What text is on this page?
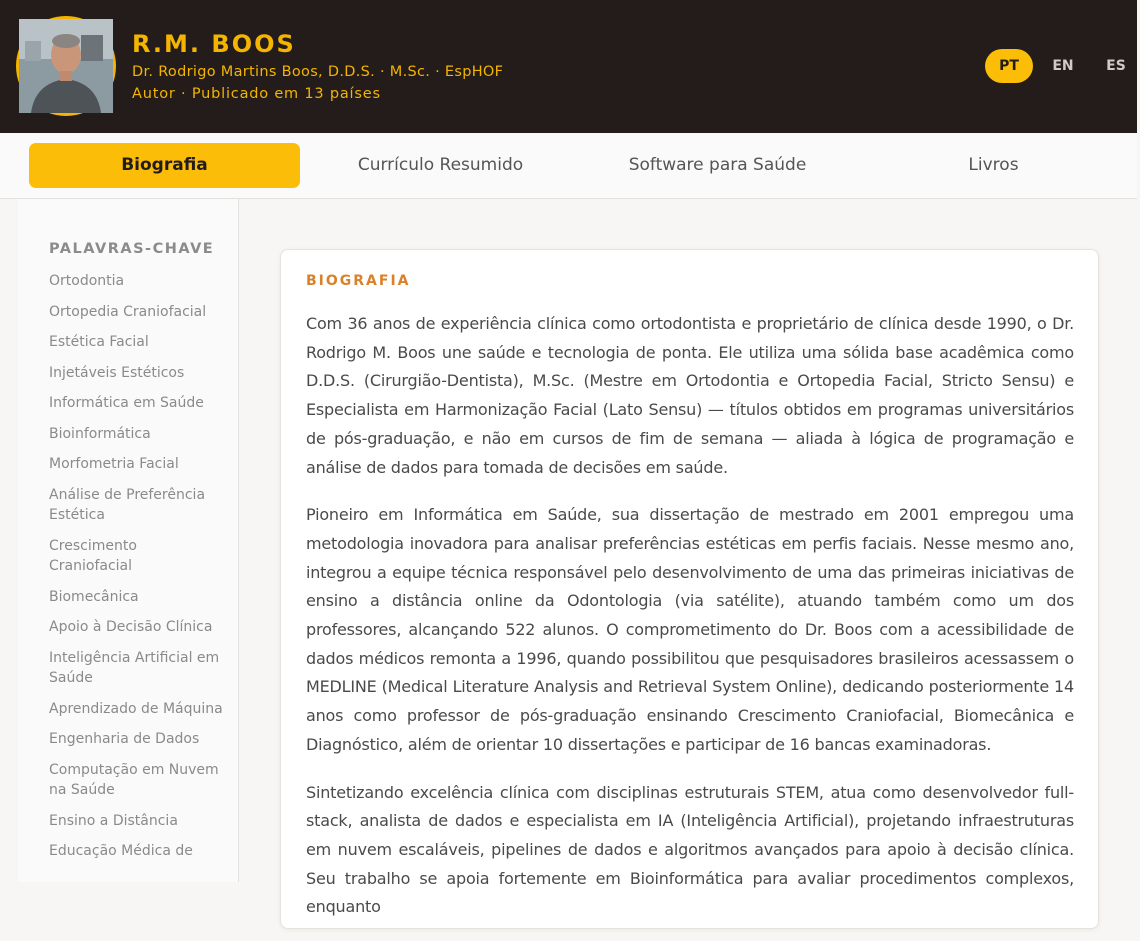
R.M. BOOS
Dr. Rodrigo Martins Boos, D.D.S. · M.Sc. · EspHOF
Autor · Publicado em 13 países
PT	EN	ES
Biografia	Currículo Resumido	Software para Saúde	Livros
PALAVRAS-CHAVE
Ortodontia
Ortopedia Craniofacial
Estética Facial
Injetáveis Estéticos
Informática em Saúde
Bioinformática
Morfometria Facial
Análise de Preferência Estética
Crescimento Craniofacial
Biomecânica
Apoio à Decisão Clínica
Inteligência Artificial em Saúde
Aprendizado de Máquina
Engenharia de Dados
Computação em Nuvem na Saúde
Ensino a Distância
Educação Médica de
BIOGRAFIA

Com 36 anos de experiência clínica como ortodontista e proprietário de clínica desde 1990, o Dr. Rodrigo M. Boos une saúde e tecnologia de ponta. Ele utiliza uma sólida base acadêmica como D.D.S. (Cirurgião-Dentista), M.Sc. (Mestre em Ortodontia e Ortopedia Facial, Stricto Sensu) e Especialista em Harmonização Facial (Lato Sensu) — títulos obtidos em programas universitários de pós-graduação, e não em cursos de fim de semana — aliada à lógica de programação e análise de dados para tomada de decisões em saúde.

Pioneiro em Informática em Saúde, sua dissertação de mestrado em 2001 empregou uma metodologia inovadora para analisar preferências estéticas em perfis faciais. Nesse mesmo ano, integrou a equipe técnica responsável pelo desenvolvimento de uma das primeiras iniciativas de ensino a distância online da Odontologia (via satélite), atuando também como um dos professores, alcançando 522 alunos. O comprometimento do Dr. Boos com a acessibilidade de dados médicos remonta a 1996, quando possibilitou que pesquisadores brasileiros acessassem o MEDLINE (Medical Literature Analysis and Retrieval System Online), dedicando posteriormente 14 anos como professor de pós-graduação ensinando Crescimento Craniofacial, Biomecânica e Diagnóstico, além de orientar 10 dissertações e participar de 16 bancas examinadoras.

Sintetizando excelência clínica com disciplinas estruturais STEM, atua como desenvolvedor full-stack, analista de dados e especialista em IA (Inteligência Artificial), projetando infraestruturas em nuvem escaláveis, pipelines de dados e algoritmos avançados para apoio à decisão clínica. Seu trabalho se apoia fortemente em Bioinformática para avaliar procedimentos complexos, enquanto
